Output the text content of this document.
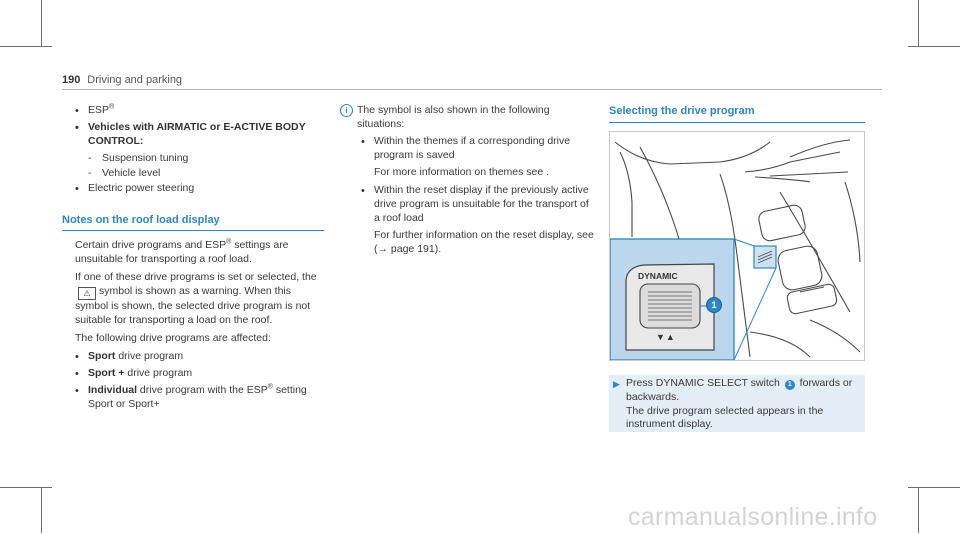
190 Driving and parking
• ESP®
• Vehicles with AIRMATIC or E-ACTIVE BODY CONTROL:
- Suspension tuning
- Vehicle level
• Electric power steering
Notes on the roof load display

Certain drive programs and ESP® settings are unsuitable for transporting a roof load.

If one of these drive programs is set or selected, the⚠ symbol is shown as a warning. When this symbol is shown, the selected drive program is not suitable for transporting a load on the roof.

The following drive programs are affected:

• Sport drive program
• Sport + drive program
• Individual drive program with the ESP® setting
Sport or Sport+
i The symbol is also shown in the following situations:

• Within the themes if a corresponding drive program is saved

For more information on themes see .

• Within the reset display if the previously active drive program is unsuitable for the transport of a roof load

For further information on the reset display, see (→ page 191).

Selecting the drive program
DYNAMIC
1
▼▲
▶ Press DYNAMIC SELECT switch 1 forwards or backwards.
The drive program selected appears in the instrument display.

carmanualsonline.info
